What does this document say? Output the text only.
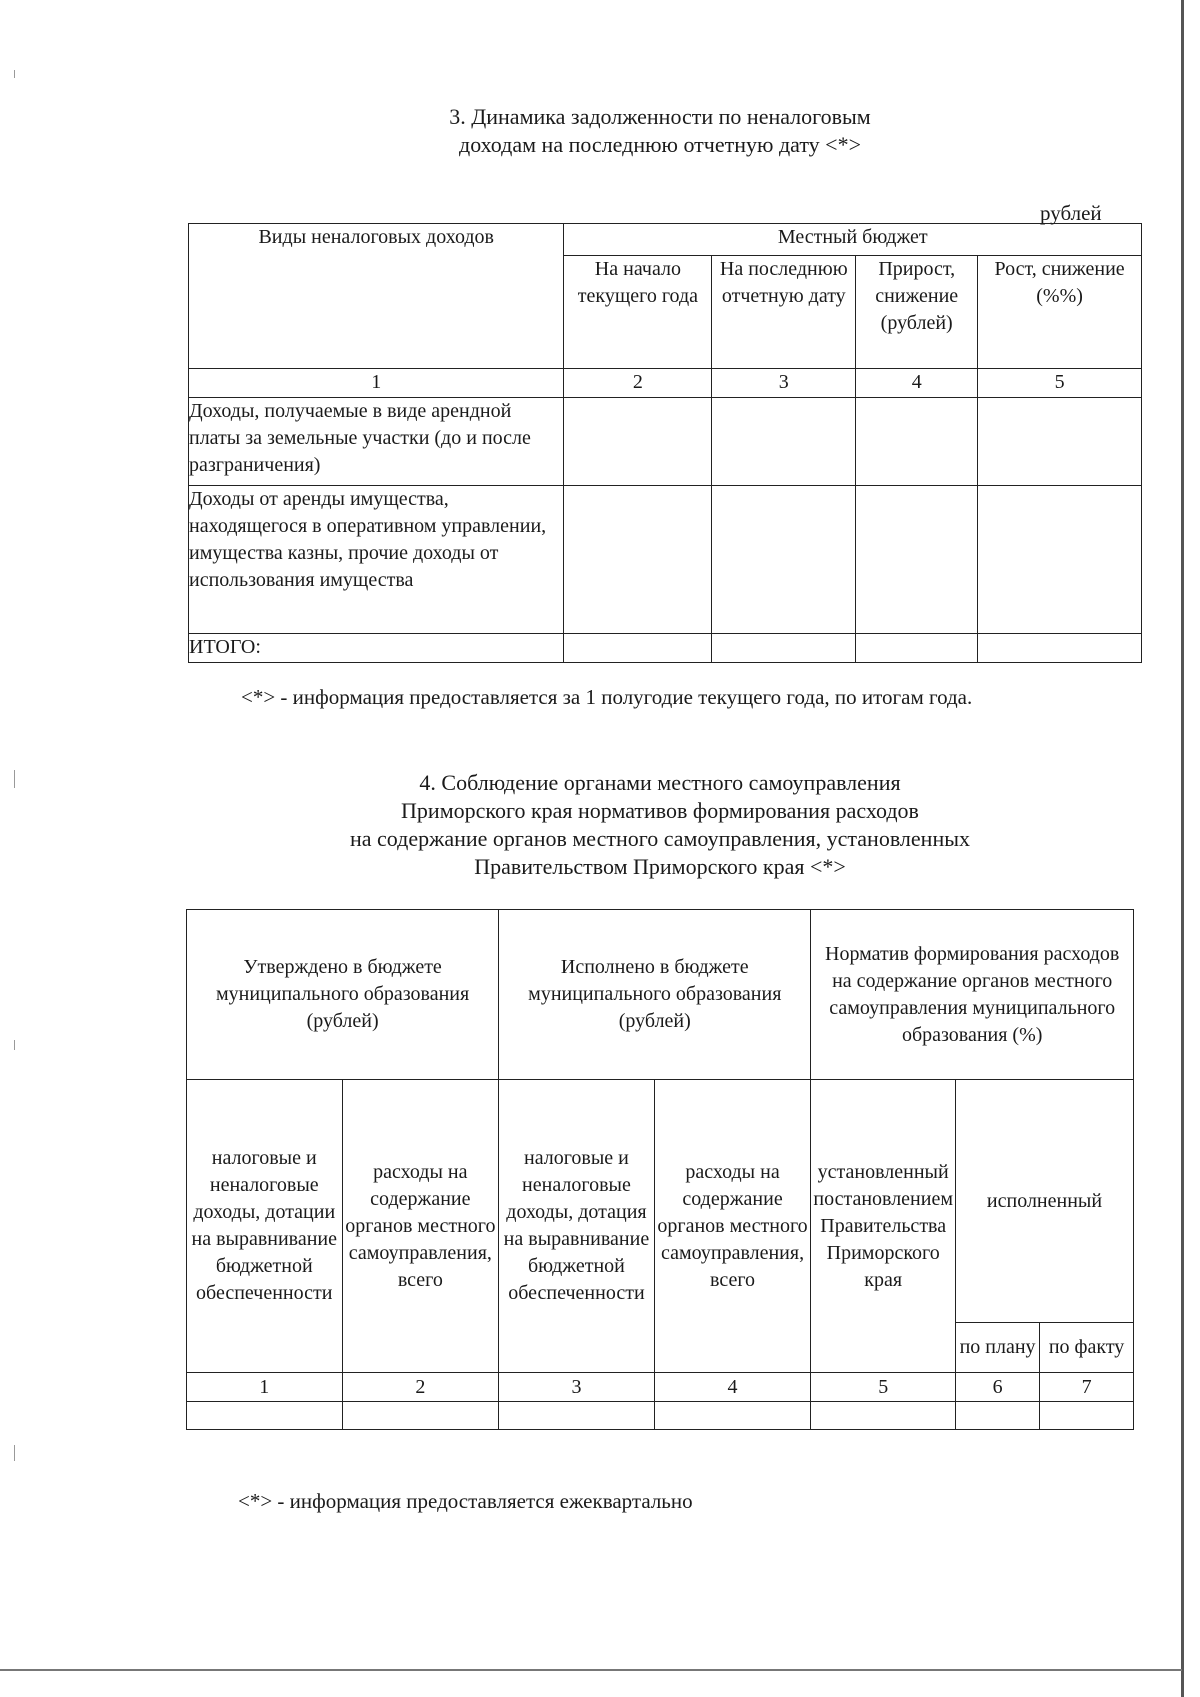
3. Динамика задолженности по неналоговым
доходам на последнюю отчетную дату <*>
рублей
Виды неналоговых доходов	Местный бюджет			
	На начало текущего года	На последнюю отчетную дату	Прирост, снижение (рублей)	Рост, снижение (%%)
1	2	3	4	5
Доходы, получаемые в виде арендной платы за земельные участки (до и после разграничения)				
Доходы от аренды имущества, находящегося в оперативном управлении, имущества казны, прочие доходы от использования имущества				
ИТОГО:				
<*> - информация предоставляется за 1 полугодие текущего года, по итогам года.
4. Соблюдение органами местного самоуправления
Приморского края нормативов формирования расходов
на содержание органов местного самоуправления, установленных
Правительством Приморского края <*>
Утверждено в бюджете муниципального образования (рублей)		Исполнено в бюджете муниципального образования (рублей)		Норматив формирования расходов на содержание органов местного самоуправления муниципального образования (%)		
налоговые и неналоговые доходы, дотации на выравнивание бюджетной обеспеченности	расходы на содержание органов местного самоуправления, всего	налоговые и неналоговые доходы, дотация на выравнивание бюджетной обеспеченности	расходы на содержание органов местного самоуправления, всего	установленный постановлением Правительства Приморского края	исполненный	
					по плану	по факту
1	2	3	4	5	6	7

<*> - информация предоставляется ежеквартально
